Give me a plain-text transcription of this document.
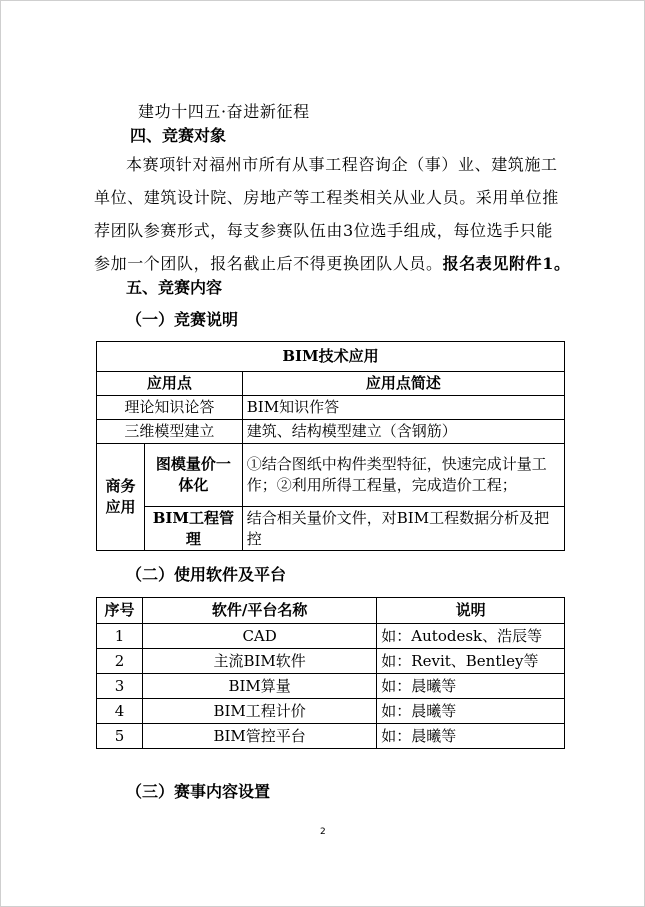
建功十四五·奋进新征程
四、竞赛对象
本赛项针对福州市所有从事工程咨询企（事）业、建筑施工
单位、建筑设计院、房地产等工程类相关从业人员。采用单位推
荐团队参赛形式，每支参赛队伍由3位选手组成，每位选手只能
参加一个团队，报名截止后不得更换团队人员。报名表见附件1。
五、竞赛内容
（一）竞赛说明
BIM技术应用		
应用点		应用点简述
理论知识论答		BIM知识作答
三维模型建立		建筑、结构模型建立（含钢筋）
商务应用	图模量价一体化	①结合图纸中构件类型特征，快速完成计量工作；②利用所得工程量，完成造价工程；
	BIM工程管理	结合相关量价文件，对BIM工程数据分析及把控
（二）使用软件及平台
序号	软件/平台名称	说明
1	CAD	如：Autodesk、浩辰等
2	主流BIM软件	如：Revit、Bentley等
3	BIM算量	如：晨曦等
4	BIM工程计价	如：晨曦等
5	BIM管控平台	如：晨曦等
（三）赛事内容设置
2
